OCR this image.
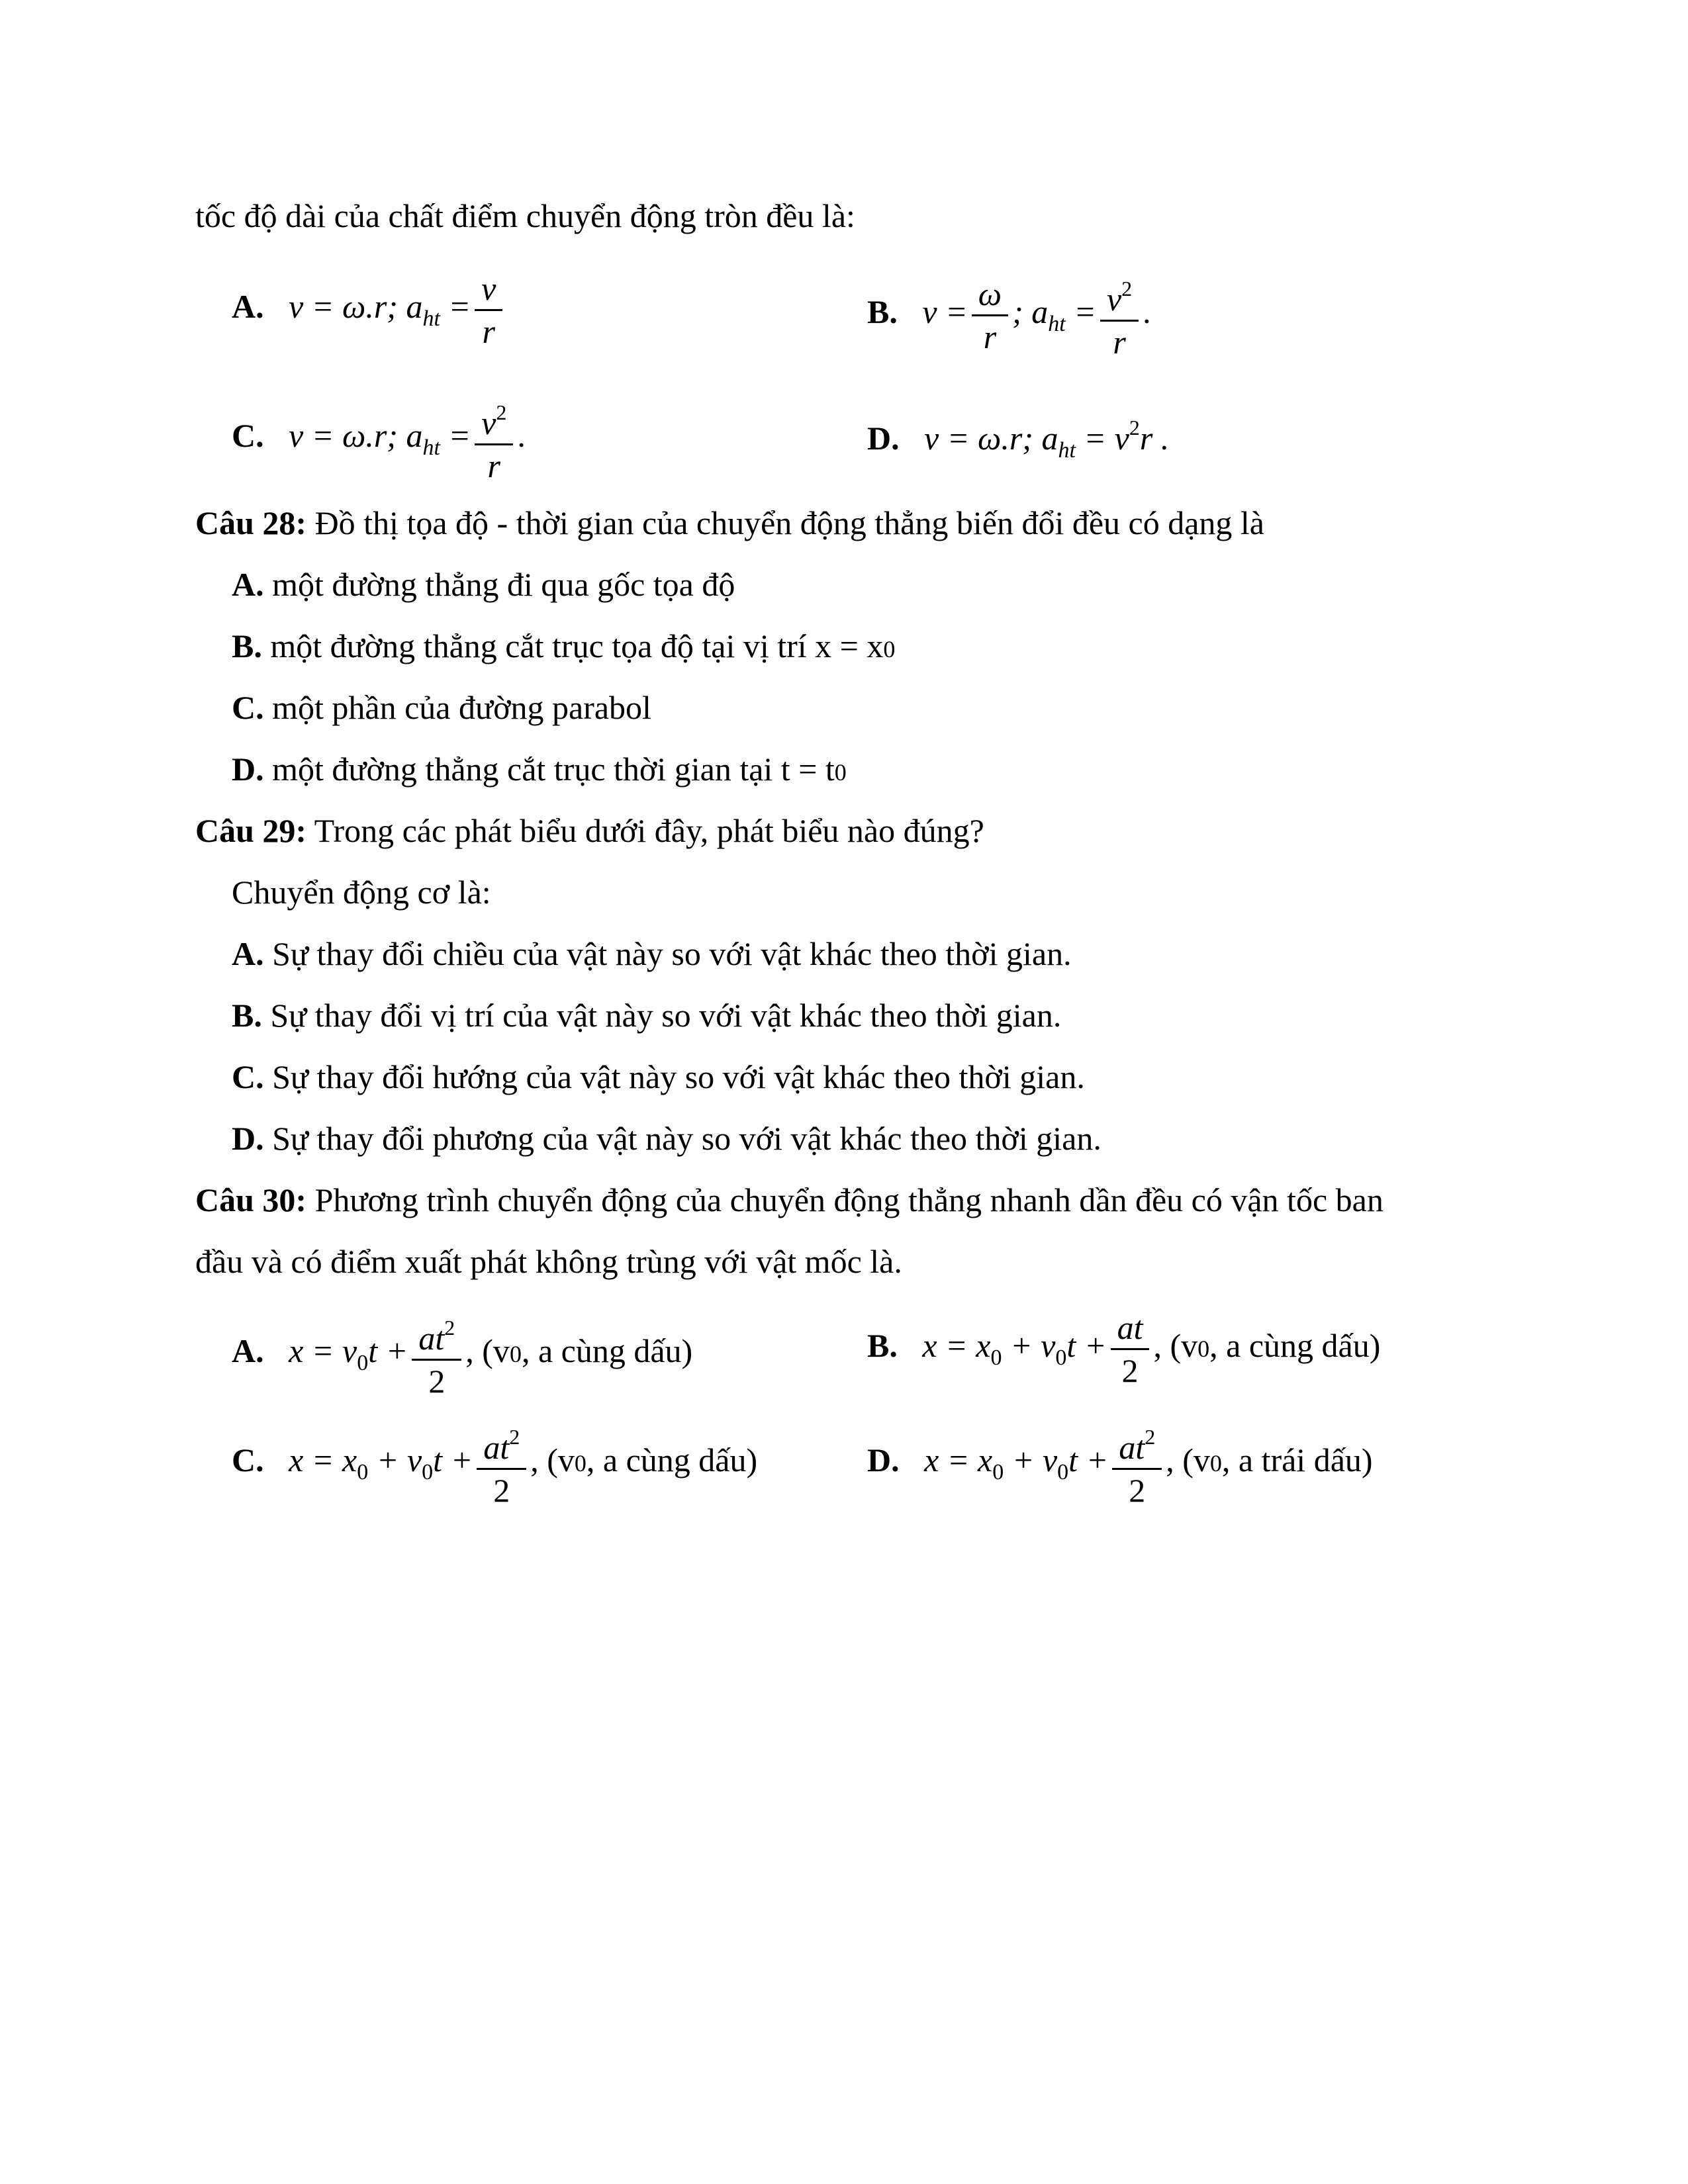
tốc độ dài của chất điểm chuyển động tròn đều là:
A.   v = ω.r; $a_{ht} = \frac{v}{r}$	B.   $v = \frac{\omega}{r}$ ; $a_{ht} = \frac{v^2}{r}$ .
C.   v = ω.r; $a_{ht} = \frac{v^2}{r}$ .	D.   v = ω.r; $a_{ht} = v^2r$ .
Câu 28: Đồ thị tọa độ - thời gian của chuyển động thẳng biến đổi đều có dạng là
A. một đường thẳng đi qua gốc tọa độ
B. một đường thẳng cắt trục tọa độ tại vị trí x = x0
C. một phần của đường parabol
D. một đường thẳng cắt trục thời gian tại t = t0
Câu 29: Trong các phát biểu dưới đây, phát biểu nào đúng?
Chuyển động cơ là:
A. Sự thay đổi chiều của vật này so với vật khác theo thời gian.
B. Sự thay đổi vị trí của vật này so với vật khác theo thời gian.
C. Sự thay đổi hướng của vật này so với vật khác theo thời gian.
D. Sự thay đổi phương của vật này so với vật khác theo thời gian.
Câu 30: Phương trình chuyển động của chuyển động thẳng nhanh dần đều có vận tốc ban
đầu và có điểm xuất phát không trùng với vật mốc là.
A.   $x = v_0t + \frac{at^2}{2}$ , (v0, a cùng dấu)	B.   $x = x_0 + v_0t + \frac{at}{2}$ , (v0, a cùng dấu)
C.   $x = x_0 + v_0t + \frac{at^2}{2}$ , (v0, a cùng dấu)	D.   $x = x_0 + v_0t + \frac{at^2}{2}$ , (v0, a trái dấu)
